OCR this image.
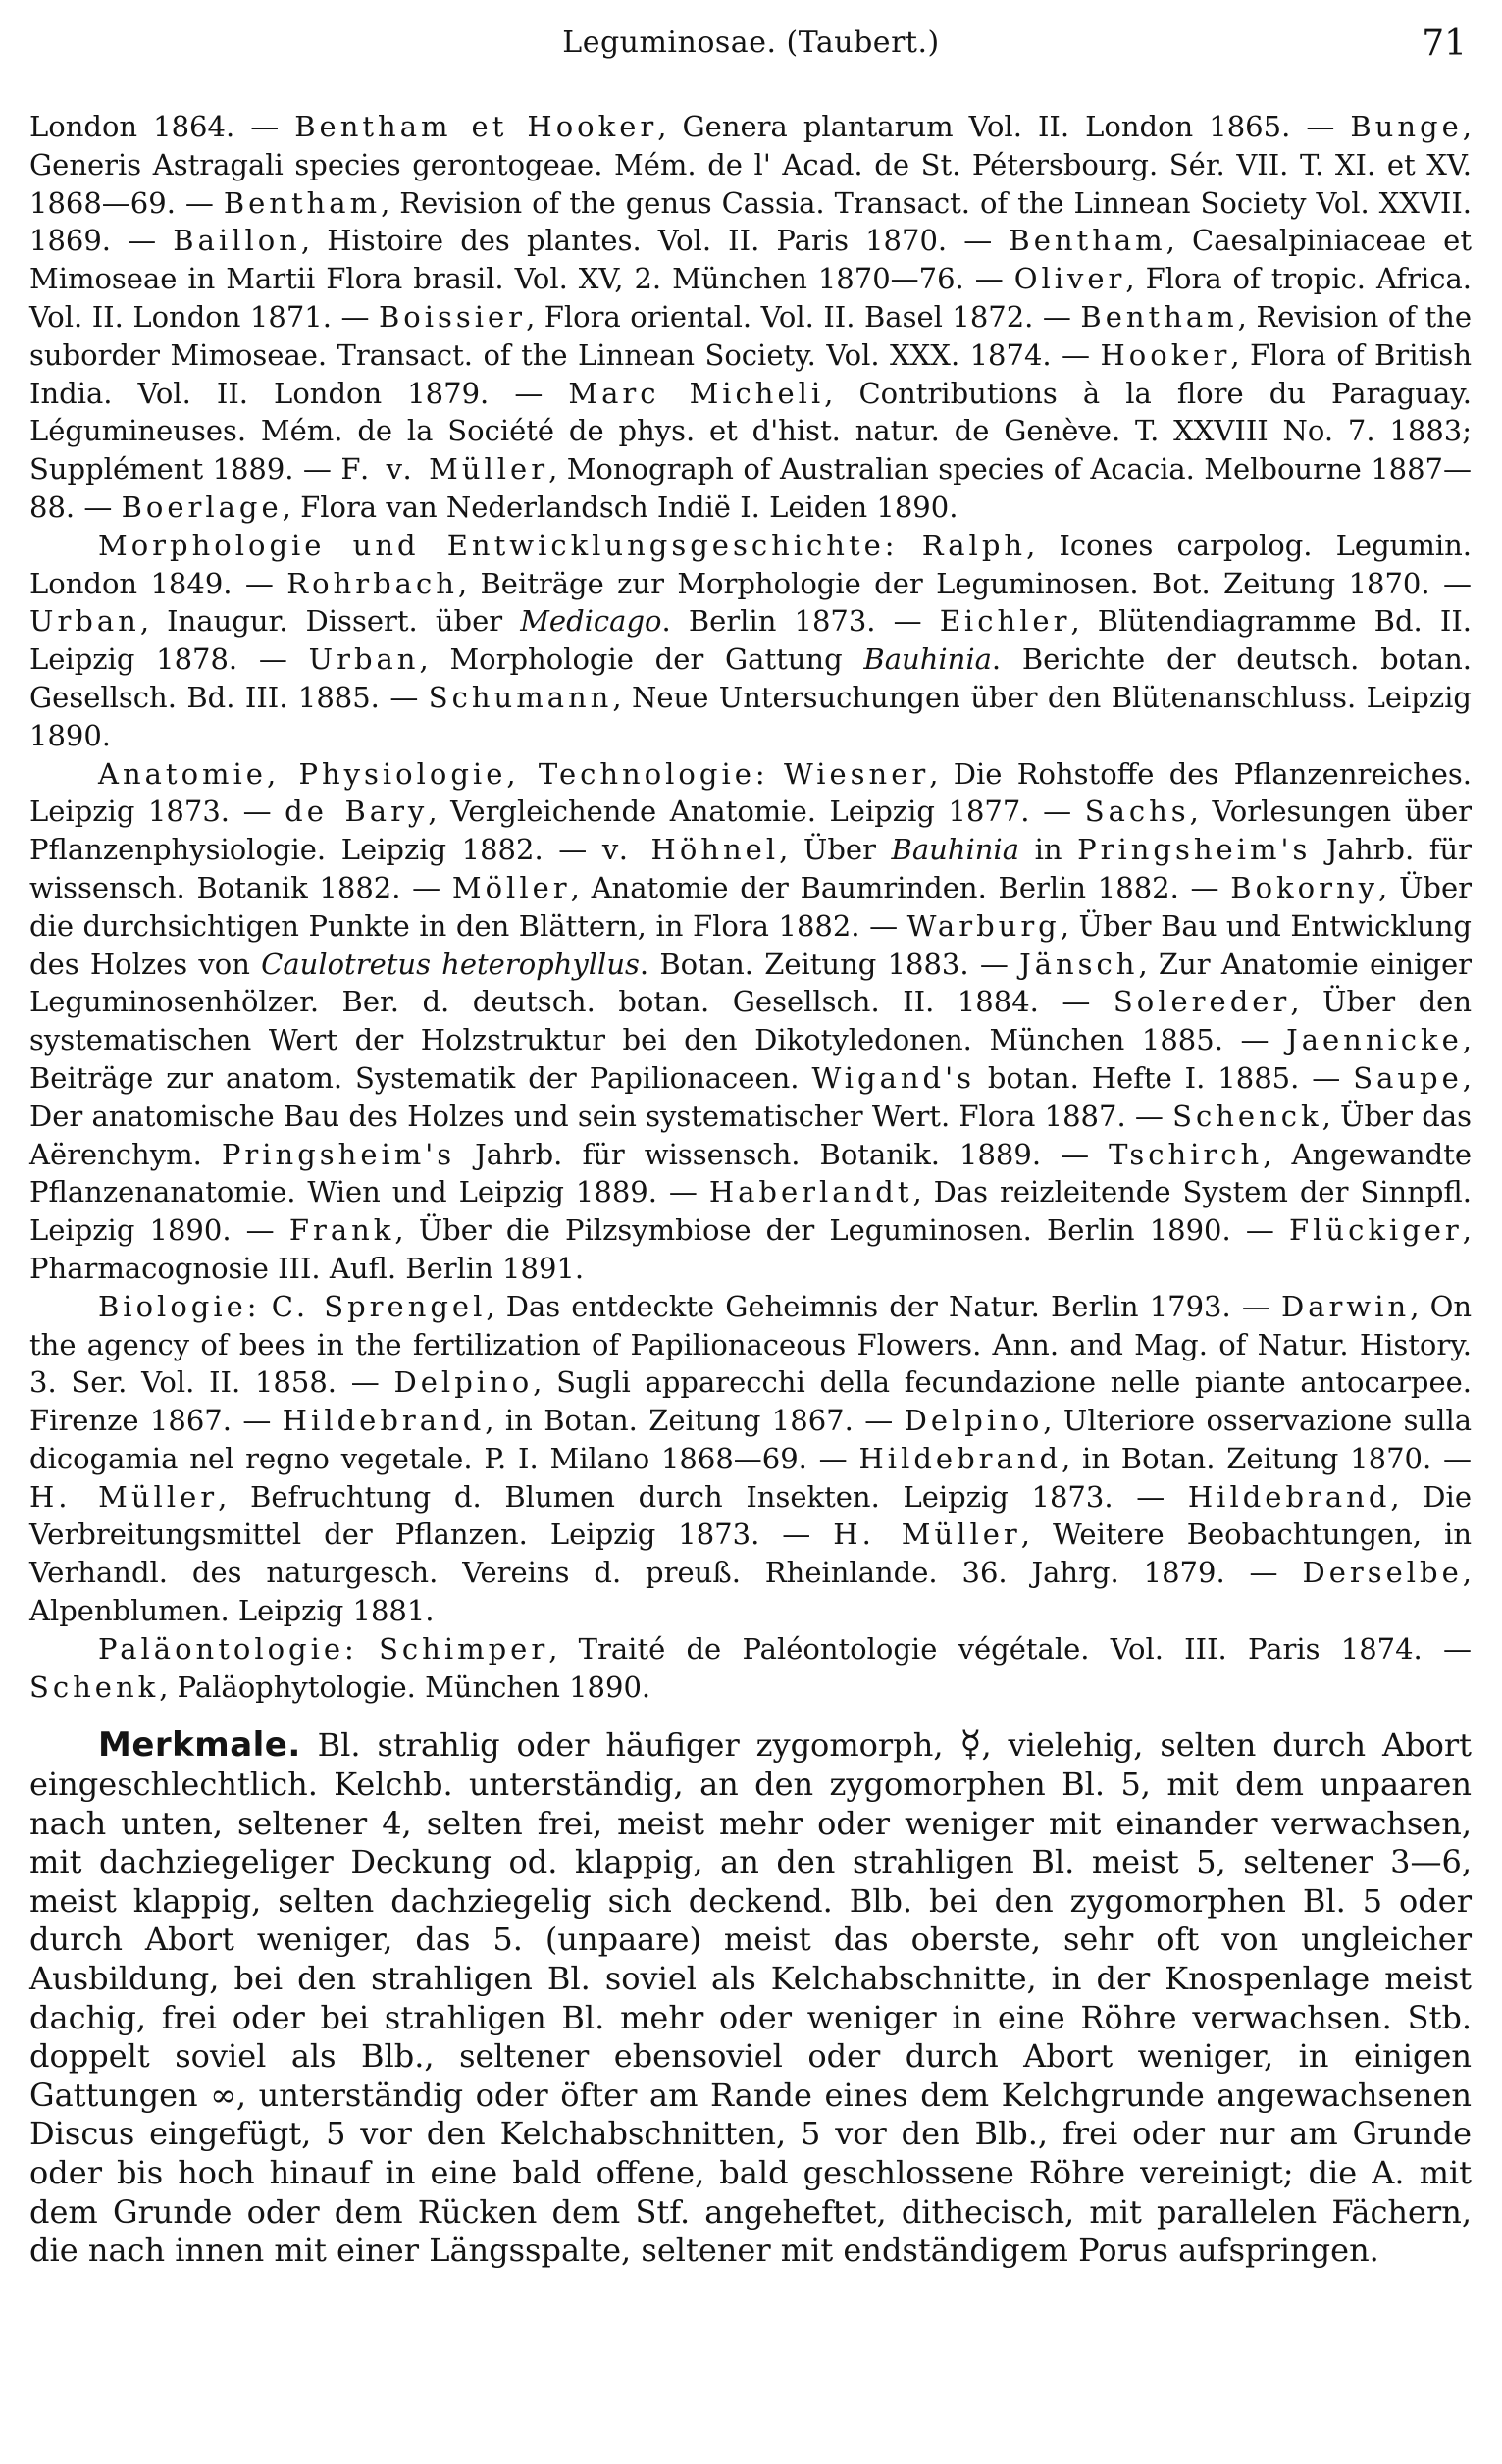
Leguminosae. (Taubert.)	71

London 1864. — Bentham et Hooker, Genera plantarum Vol. II. London 1865. — Bunge, Generis Astragali species gerontogeae. Mém. de l' Acad. de St. Pétersbourg. Sér. VII. T. XI. et XV. 1868—69. — Bentham, Revision of the genus Cassia. Transact. of the Linnean Society Vol. XXVII. 1869. — Baillon, Histoire des plantes. Vol. II. Paris 1870. — Bentham, Caesalpiniaceae et Mimoseae in Martii Flora brasil. Vol. XV, 2. München 1870—76. — Oliver, Flora of tropic. Africa. Vol. II. London 1871. — Boissier, Flora oriental. Vol. II. Basel 1872. — Bentham, Revision of the suborder Mimoseae. Transact. of the Linnean Society. Vol. XXX. 1874. — Hooker, Flora of British India. Vol. II. London 1879. — Marc Micheli, Contributions à la flore du Paraguay. Légumineuses. Mém. de la Société de phys. et d'hist. natur. de Genève. T. XXVIII No. 7. 1883; Supplément 1889. — F. v. Müller, Monograph of Australian species of Acacia. Melbourne 1887—88. — Boerlage, Flora van Nederlandsch Indië I. Leiden 1890.

Morphologie und Entwicklungsgeschichte: Ralph, Icones carpolog. Legumin. London 1849. — Rohrbach, Beiträge zur Morphologie der Leguminosen. Bot. Zeitung 1870. — Urban, Inaugur. Dissert. über Medicago. Berlin 1873. — Eichler, Blütendiagramme Bd. II. Leipzig 1878. — Urban, Morphologie der Gattung Bauhinia. Berichte der deutsch. botan. Gesellsch. Bd. III. 1885. — Schumann, Neue Untersuchungen über den Blütenanschluss. Leipzig 1890.

Anatomie, Physiologie, Technologie: Wiesner, Die Rohstoffe des Pflanzenreiches. Leipzig 1873. — de Bary, Vergleichende Anatomie. Leipzig 1877. — Sachs, Vorlesungen über Pflanzenphysiologie. Leipzig 1882. — v. Höhnel, Über Bauhinia in Pringsheim's Jahrb. für wissensch. Botanik 1882. — Möller, Anatomie der Baumrinden. Berlin 1882. — Bokorny, Über die durchsichtigen Punkte in den Blättern, in Flora 1882. — Warburg, Über Bau und Entwicklung des Holzes von Caulotretus heterophyllus. Botan. Zeitung 1883. — Jänsch, Zur Anatomie einiger Leguminosenhölzer. Ber. d. deutsch. botan. Gesellsch. II. 1884. — Solereder, Über den systematischen Wert der Holzstruktur bei den Dikotyledonen. München 1885. — Jaennicke, Beiträge zur anatom. Systematik der Papilionaceen. Wigand's botan. Hefte I. 1885. — Saupe, Der anatomische Bau des Holzes und sein systematischer Wert. Flora 1887. — Schenck, Über das Aërenchym. Pringsheim's Jahrb. für wissensch. Botanik. 1889. — Tschirch, Angewandte Pflanzenanatomie. Wien und Leipzig 1889. — Haberlandt, Das reizleitende System der Sinnpfl. Leipzig 1890. — Frank, Über die Pilzsymbiose der Leguminosen. Berlin 1890. — Flückiger, Pharmacognosie III. Aufl. Berlin 1891.

Biologie: C. Sprengel, Das entdeckte Geheimnis der Natur. Berlin 1793. — Darwin, On the agency of bees in the fertilization of Papilionaceous Flowers. Ann. and Mag. of Natur. History. 3. Ser. Vol. II. 1858. — Delpino, Sugli apparecchi della fecundazione nelle piante antocarpee. Firenze 1867. — Hildebrand, in Botan. Zeitung 1867. — Delpino, Ulteriore osservazione sulla dicogamia nel regno vegetale. P. I. Milano 1868—69. — Hildebrand, in Botan. Zeitung 1870. — H. Müller, Befruchtung d. Blumen durch Insekten. Leipzig 1873. — Hildebrand, Die Verbreitungsmittel der Pflanzen. Leipzig 1873. — H. Müller, Weitere Beobachtungen, in Verhandl. des naturgesch. Vereins d. preuß. Rheinlande. 36. Jahrg. 1879. — Derselbe, Alpenblumen. Leipzig 1881.

Paläontologie: Schimper, Traité de Paléontologie végétale. Vol. III. Paris 1874. — Schenk, Paläophytologie. München 1890.

Merkmale. Bl. strahlig oder häufiger zygomorph, ☿, vielehig, selten durch Abort eingeschlechtlich. Kelchb. unterständig, an den zygomorphen Bl. 5, mit dem unpaaren nach unten, seltener 4, selten frei, meist mehr oder weniger mit einander verwachsen, mit dachziegeliger Deckung od. klappig, an den strahligen Bl. meist 5, seltener 3—6, meist klappig, selten dachziegelig sich deckend. Blb. bei den zygomorphen Bl. 5 oder durch Abort weniger, das 5. (unpaare) meist das oberste, sehr oft von ungleicher Ausbildung, bei den strahligen Bl. soviel als Kelchabschnitte, in der Knospenlage meist dachig, frei oder bei strahligen Bl. mehr oder weniger in eine Röhre verwachsen. Stb. doppelt soviel als Blb., seltener ebensoviel oder durch Abort weniger, in einigen Gattungen ∞, unterständig oder öfter am Rande eines dem Kelchgrunde angewachsenen Discus eingefügt, 5 vor den Kelchabschnitten, 5 vor den Blb., frei oder nur am Grunde oder bis hoch hinauf in eine bald offene, bald geschlossene Röhre vereinigt; die A. mit dem Grunde oder dem Rücken dem Stf. angeheftet, dithecisch, mit parallelen Fächern, die nach innen mit einer Längsspalte, seltener mit endständigem Porus aufspringen.
